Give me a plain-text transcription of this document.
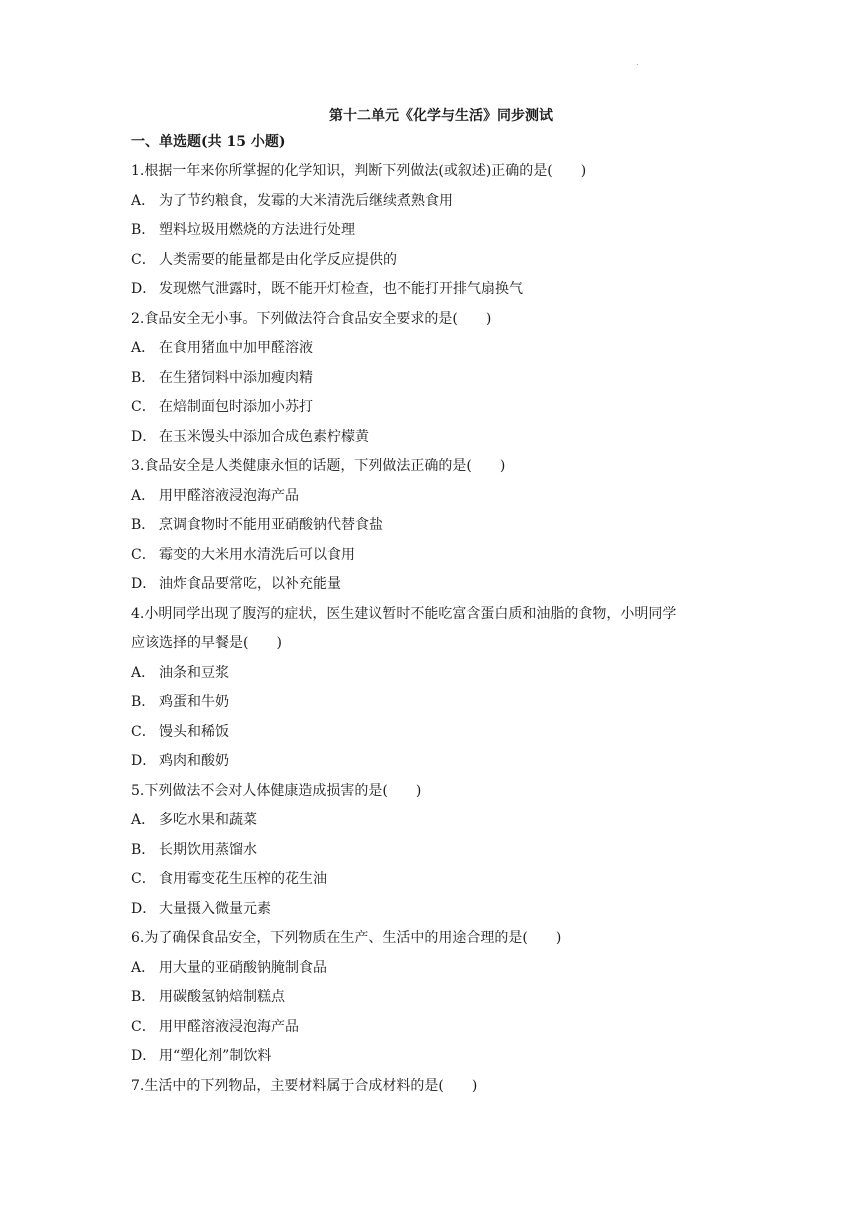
.
第十二单元《化学与生活》同步测试
一、单选题(共 15 小题)
1.根据一年来你所掌握的化学知识，判断下列做法(或叙述)正确的是(　　)
A． 为了节约粮食，发霉的大米清洗后继续煮熟食用
B． 塑料垃圾用燃烧的方法进行处理
C． 人类需要的能量都是由化学反应提供的
D． 发现燃气泄露时，既不能开灯检查，也不能打开排气扇换气
2.食品安全无小事。下列做法符合食品安全要求的是(　　)
A． 在食用猪血中加甲醛溶液
B． 在生猪饲料中添加瘦肉精
C． 在焙制面包时添加小苏打
D． 在玉米馒头中添加合成色素柠檬黄
3.食品安全是人类健康永恒的话题，下列做法正确的是(　　)
A． 用甲醛溶液浸泡海产品
B． 烹调食物时不能用亚硝酸钠代替食盐
C． 霉变的大米用水清洗后可以食用
D． 油炸食品要常吃，以补充能量
4.小明同学出现了腹泻的症状，医生建议暂时不能吃富含蛋白质和油脂的食物，小明同学
应该选择的早餐是(　　)
A． 油条和豆浆
B． 鸡蛋和牛奶
C． 馒头和稀饭
D． 鸡肉和酸奶
5.下列做法不会对人体健康造成损害的是(　　)
A． 多吃水果和蔬菜
B． 长期饮用蒸馏水
C． 食用霉变花生压榨的花生油
D． 大量摄入微量元素
6.为了确保食品安全，下列物质在生产、生活中的用途合理的是(　　)
A． 用大量的亚硝酸钠腌制食品
B． 用碳酸氢钠焙制糕点
C． 用甲醛溶液浸泡海产品
D． 用“塑化剂”制饮料
7.生活中的下列物品，主要材料属于合成材料的是(　　)
